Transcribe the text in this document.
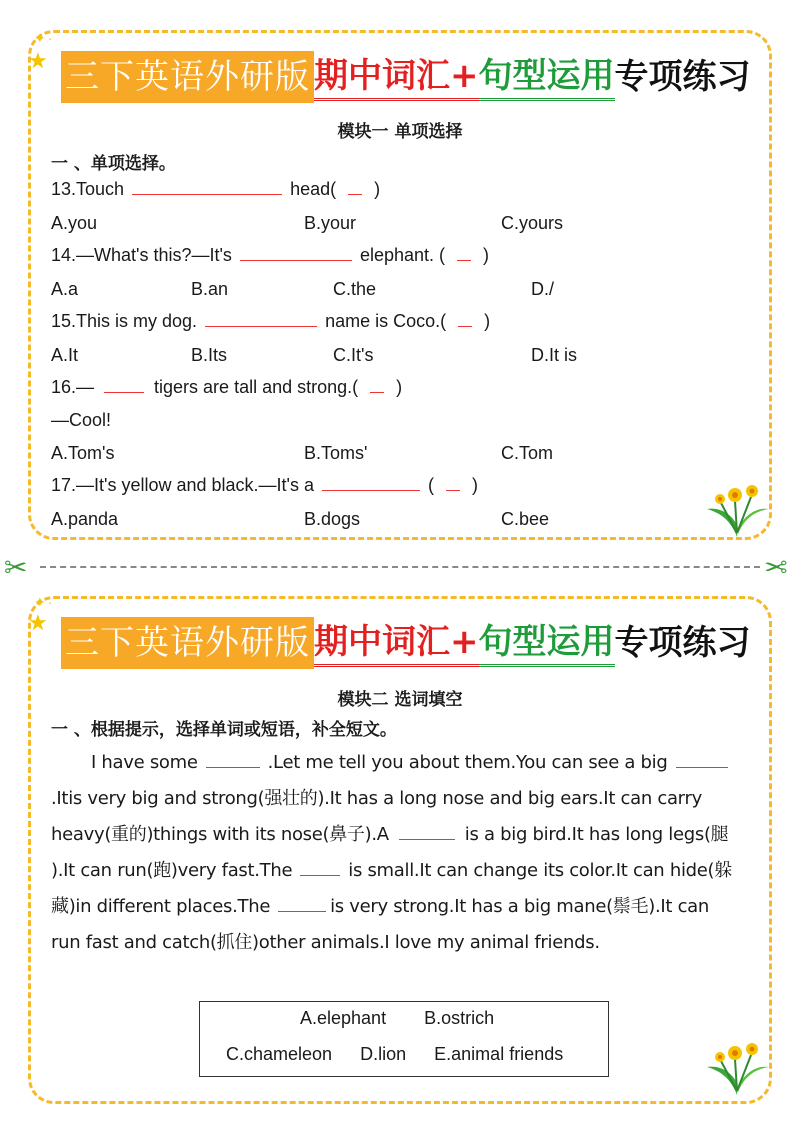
三下英语外研版 期中词汇+ 句型运用 专项练习
模块一 单项选择
一 、单项选择。
13.Touch	head( )
A.you	B.your	C.yours
14.—What's this?—It's	elephant. ( )
A.a	B.an	C.the	D./
15.This is my dog.	name is Coco.( )
A.It	B.Its	C.It's	D.It is
16.—	tigers are tall and strong.( )
—Cool!
A.Tom's	B.Toms'	C.Tom
17.—It's yellow and black.—It's a	( )
A.panda	B.dogs	C.bee
★
✦·
✂	✂
三下英语外研版 期中词汇+ 句型运用 专项练习
模块二 选词填空
一 、根据提示，选择单词或短语，补全短文。
I have some	.Let me tell you about them.You can see a big
.Itis very big and strong(强壮的).It has a long nose and big ears.It can carry
heavy(重的)things with its nose(鼻子).A	is a big bird.It has long legs(腿
).It can run(跑)very fast.The	is small.It can change its color.It can hide(躲
藏)in different places.The	is very strong.It has a big mane(鬃毛).It can
run fast and catch(抓住)other animals.I love my animal friends.
A.elephant B.ostrich
C.chameleon D.lion E.animal friends
★
✦·
